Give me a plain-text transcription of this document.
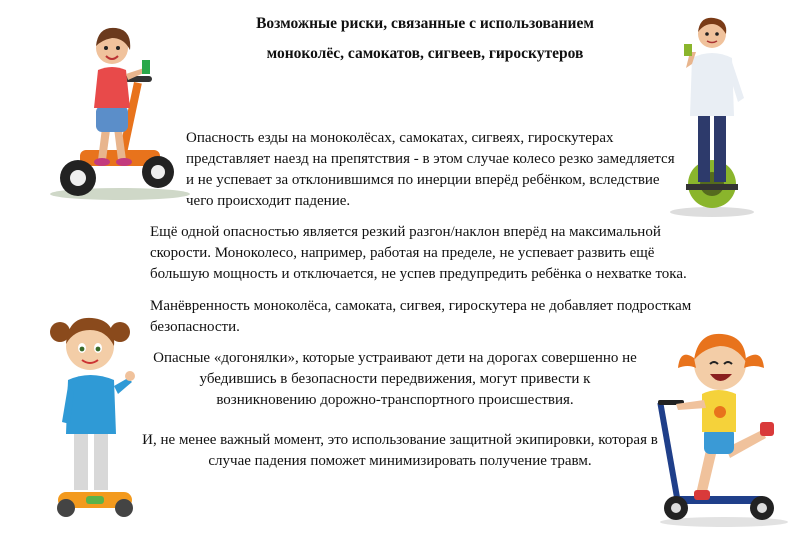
Возможные риски, связанные с использованием
моноколёс, самокатов, сигвеев, гироскутеров

Опасность езды на моноколёсах, самокатах, сигвеях, гироскутерах представляет наезд на препятствия - в этом случае колесо резко замедляется и не успевает за отклонившимся по инерции вперёд ребёнком, вследствие чего происходит падение.

Ещё одной опасностью является резкий разгон/наклон вперёд на максимальной скорости. Моноколесо, например, работая на пределе, не успевает развить ещё большую мощность и отключается, не успев предупредить ребёнка о нехватке тока.

Манёвренность моноколёса, самоката, сигвея, гироскутера не добавляет подросткам безопасности.

Опасные «догонялки», которые устраивают дети на дорогах совершенно не убедившись в безопасности передвижения, могут привести к возникновению дорожно-транспортного происшествия.

И, не менее важный момент, это использование защитной экипировки, которая в случае падения поможет минимизировать получение травм.
